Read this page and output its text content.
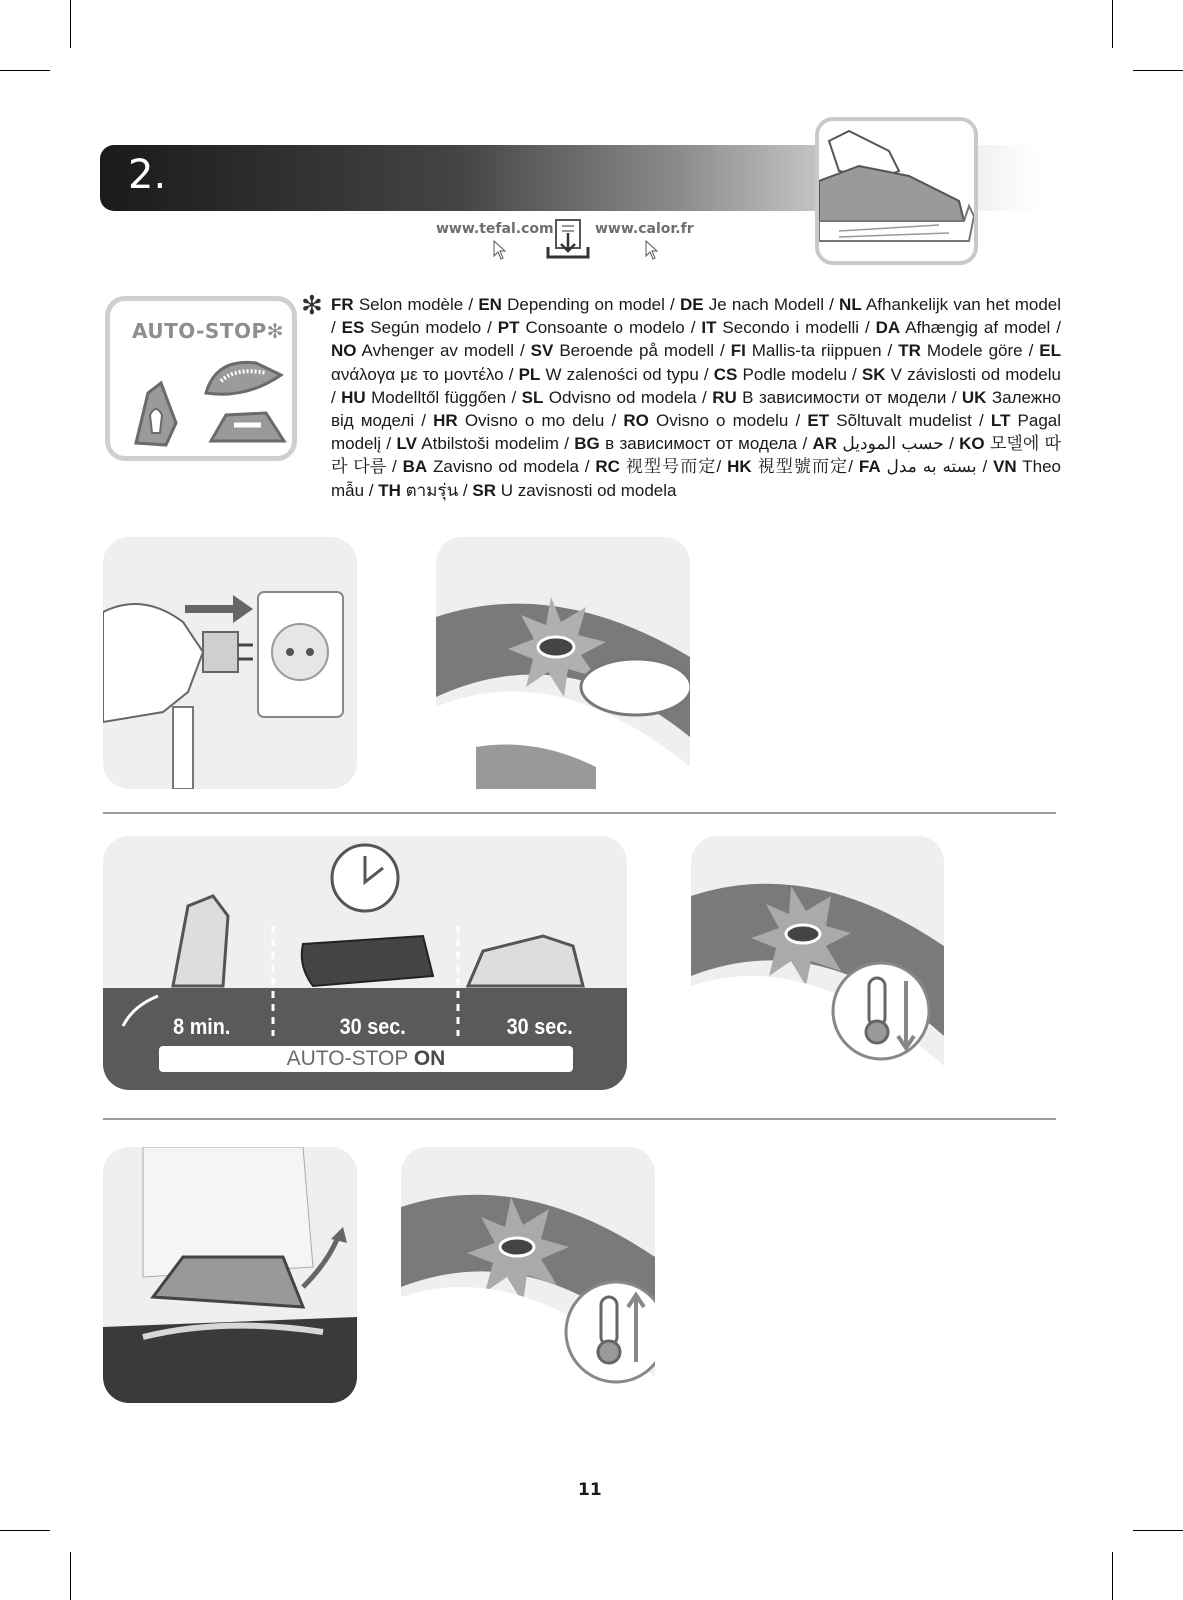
2.
www.tefal.com	www.calor.fr
AUTO-STOP✻
✻ FR Selon modèle / EN Depending on model / DE Je nach Modell / NL Afhankelijk van het model / ES Según modelo / PT Consoante o modelo / IT Secondo i modelli / DA Afhængig af model / NO Avhenger av modell / SV Beroende på modell / FI Mallis-ta riippuen / TR Modele göre / EL ανάλογα με το μοντέλο / PL W zaleności od typu / CS Podle modelu / SK V závislosti od modelu / HU Modelltől függően / SL Odvisno od modela / RU В зависимости от модели / UK Залежно від моделі / HR Ovisno o mo delu / RO Ovisno o modelu / ET Sõltuvalt mudelist / LT Pagal modelį / LV Atbilstoši modelim / BG в зависимост от модела / AR حسب الموديل / KO 모델에 따라 다름 / BA Zavisno od modela / RC 视型号而定/ HK 視型號而定/ FA بسته به مدل / VN Theo mẫu / TH ตามรุ่น / SR U zavisnosti od modela
8 min.	30 sec.	30 sec.
AUTO-STOP ON
11
